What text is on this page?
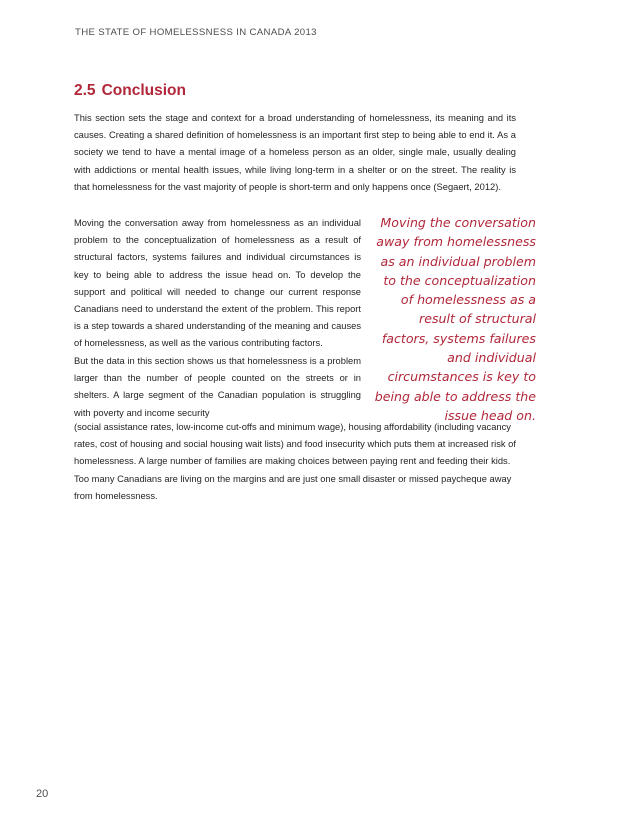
THE STATE OF HOMELESSNESS IN CANADA 2013
2.5 Conclusion

This section sets the stage and context for a broad understanding of homelessness, its meaning and its causes. Creating a shared definition of homelessness is an important first step to being able to end it. As a society we tend to have a mental image of a homeless person as an older, single male, usually dealing with addictions or mental health issues, while living long-term in a shelter or on the street. The reality is that homelessness for the vast majority of people is short-term and only happens once (Segaert, 2012).

Moving the conversation away from homelessness as an individual problem to the conceptualization of homelessness as a result of structural factors, systems failures and individual circumstances is key to being able to address the issue head on. To develop the support and political will needed to change our current response Canadians need to understand the extent of the problem. This report is a step towards a shared understanding of the meaning and causes of homelessness, as well as the various contributing factors.

Moving the conversation away from homelessness as an individual problem to the conceptualization of homelessness as a result of structural factors, systems failures and individual circumstances is key to being able to address the issue head on.

But the data in this section shows us that homelessness is a problem larger than the number of people counted on the streets or in shelters. A large segment of the Canadian population is struggling with poverty and income security

(social assistance rates, low-income cut-offs and minimum wage), housing affordability (including vacancy rates, cost of housing and social housing wait lists) and food insecurity which puts them at increased risk of homelessness. A large number of families are making choices between paying rent and feeding their kids. Too many Canadians are living on the margins and are just one small disaster or missed paycheque away from homelessness.

20
